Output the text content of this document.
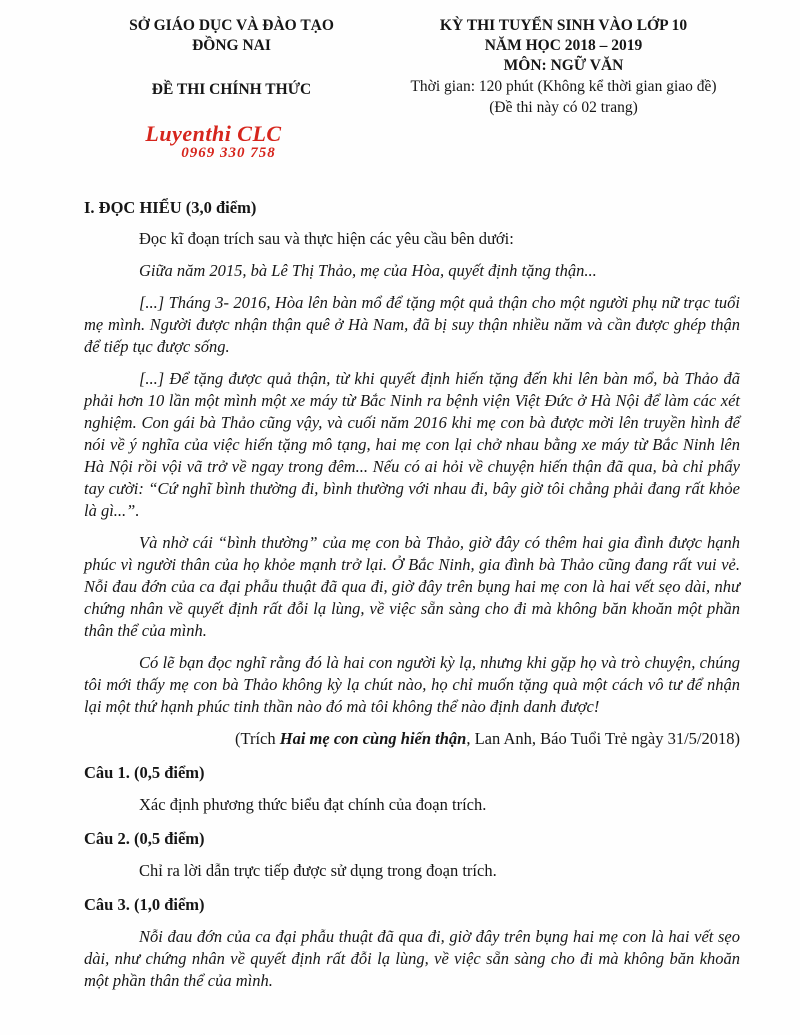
SỞ GIÁO DỤC VÀ ĐÀO TẠO
ĐỒNG NAI
ĐỀ THI CHÍNH THỨC
Luyenthi CLC
0969 330 758
KỲ THI TUYỂN SINH VÀO LỚP 10
NĂM HỌC 2018 – 2019
MÔN: NGỮ VĂN
Thời gian: 120 phút (Không kể thời gian giao đề)
(Đề thi này có 02 trang)
I. ĐỌC HIỂU (3,0 điểm)

Đọc kĩ đoạn trích sau và thực hiện các yêu cầu bên dưới:

Giữa năm 2015, bà Lê Thị Thảo, mẹ của Hòa, quyết định tặng thận...

[...] Tháng 3- 2016, Hòa lên bàn mổ để tặng một quả thận cho một người phụ nữ trạc tuổi mẹ mình. Người được nhận thận quê ở Hà Nam, đã bị suy thận nhiều năm và cần được ghép thận để tiếp tục được sống.

[...] Để tặng được quả thận, từ khi quyết định hiến tặng đến khi lên bàn mổ, bà Thảo đã phải hơn 10 lần một mình một xe máy từ Bắc Ninh ra bệnh viện Việt Đức ở Hà Nội để làm các xét nghiệm. Con gái bà Thảo cũng vậy, và cuối năm 2016 khi mẹ con bà được mời lên truyền hình để nói về ý nghĩa của việc hiến tặng mô tạng, hai mẹ con lại chở nhau bằng xe máy từ Bắc Ninh lên Hà Nội rồi vội vã trở về ngay trong đêm... Nếu có ai hỏi về chuyện hiến thận đã qua, bà chỉ phẩy tay cười: “Cứ nghĩ bình thường đi, bình thường với nhau đi, bây giờ tôi chẳng phải đang rất khỏe là gì...”.

Và nhờ cái “bình thường” của mẹ con bà Thảo, giờ đây có thêm hai gia đình được hạnh phúc vì người thân của họ khỏe mạnh trở lại. Ở Bắc Ninh, gia đình bà Thảo cũng đang rất vui vẻ. Nỗi đau đớn của ca đại phẫu thuật đã qua đi, giờ đây trên bụng hai mẹ con là hai vết sẹo dài, như chứng nhân về quyết định rất đỗi lạ lùng, về việc sẵn sàng cho đi mà không băn khoăn một phần thân thể của mình.

Có lẽ bạn đọc nghĩ rằng đó là hai con người kỳ lạ, nhưng khi gặp họ và trò chuyện, chúng tôi mới thấy mẹ con bà Thảo không kỳ lạ chút nào, họ chỉ muốn tặng quà một cách vô tư để nhận lại một thứ hạnh phúc tinh thần nào đó mà tôi không thể nào định danh được!

(Trích Hai mẹ con cùng hiến thận, Lan Anh, Báo Tuổi Trẻ ngày 31/5/2018)

Câu 1. (0,5 điểm)

Xác định phương thức biểu đạt chính của đoạn trích.

Câu 2. (0,5 điểm)

Chỉ ra lời dẫn trực tiếp được sử dụng trong đoạn trích.

Câu 3. (1,0 điểm)

Nỗi đau đớn của ca đại phẫu thuật đã qua đi, giờ đây trên bụng hai mẹ con là hai vết sẹo dài, như chứng nhân về quyết định rất đỗi lạ lùng, về việc sẵn sàng cho đi mà không băn khoăn một phần thân thể của mình.
